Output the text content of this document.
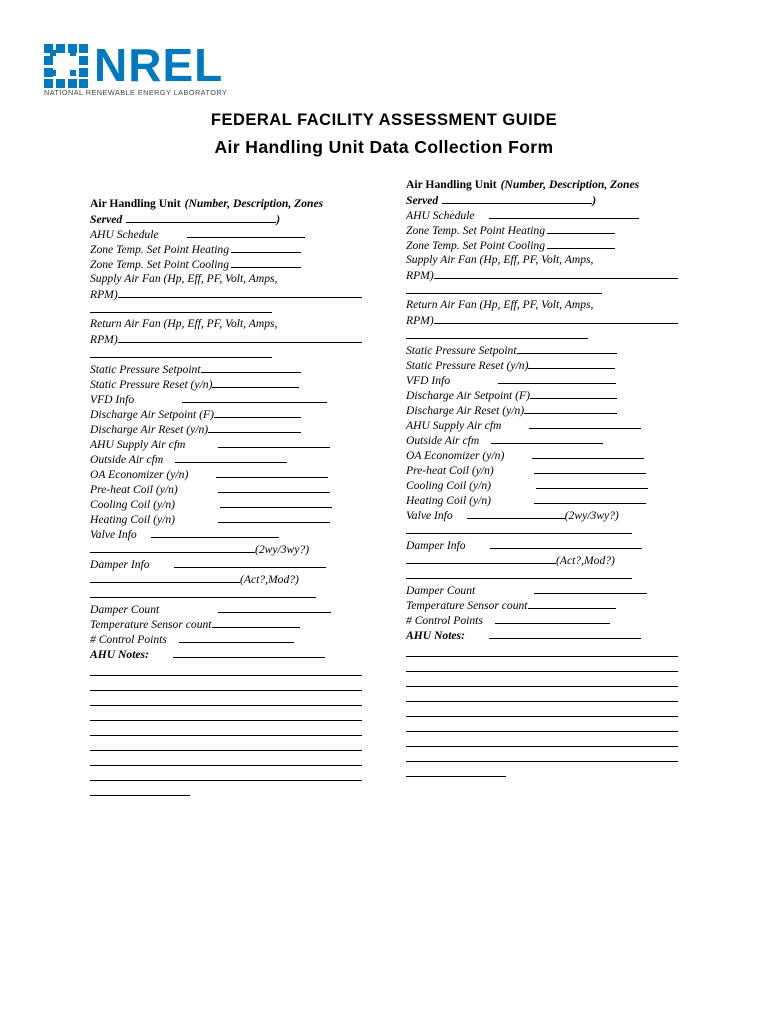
NREL
NATIONAL RENEWABLE ENERGY LABORATORY
FEDERAL FACILITY ASSESSMENT GUIDE
Air Handling Unit Data Collection Form
Air Handling Unit (Number, Description, Zones
Served	)
AHU Schedule
Zone Temp. Set Point Heating
Zone Temp. Set Point Cooling
Supply Air Fan (Hp, Eff, PF, Volt, Amps,
RPM)
Return Air Fan (Hp, Eff, PF, Volt, Amps,
RPM)
Static Pressure Setpoint
Static Pressure Reset (y/n)
VFD Info
Discharge Air Setpoint (F)
Discharge Air Reset (y/n)
AHU Supply Air cfm
Outside Air cfm
OA Economizer (y/n)
Pre-heat Coil (y/n)
Cooling Coil (y/n)
Heating Coil (y/n)
Valve Info
(2wy/3wy?)
Damper Info
(Act?,Mod?)
Damper Count
Temperature Sensor count
# Control Points
AHU Notes:
Air Handling Unit (Number, Description, Zones
Served	)
AHU Schedule
Zone Temp. Set Point Heating
Zone Temp. Set Point Cooling
Supply Air Fan (Hp, Eff, PF, Volt, Amps,
RPM)
Return Air Fan (Hp, Eff, PF, Volt, Amps,
RPM)
Static Pressure Setpoint
Static Pressure Reset (y/n)
VFD Info
Discharge Air Setpoint (F)
Discharge Air Reset (y/n)
AHU Supply Air cfm
Outside Air cfm
OA Economizer (y/n)
Pre-heat Coil (y/n)
Cooling Coil (y/n)
Heating Coil (y/n)
Valve Info	(2wy/3wy?)
Damper Info
(Act?,Mod?)
Damper Count
Temperature Sensor count
# Control Points
AHU Notes:
